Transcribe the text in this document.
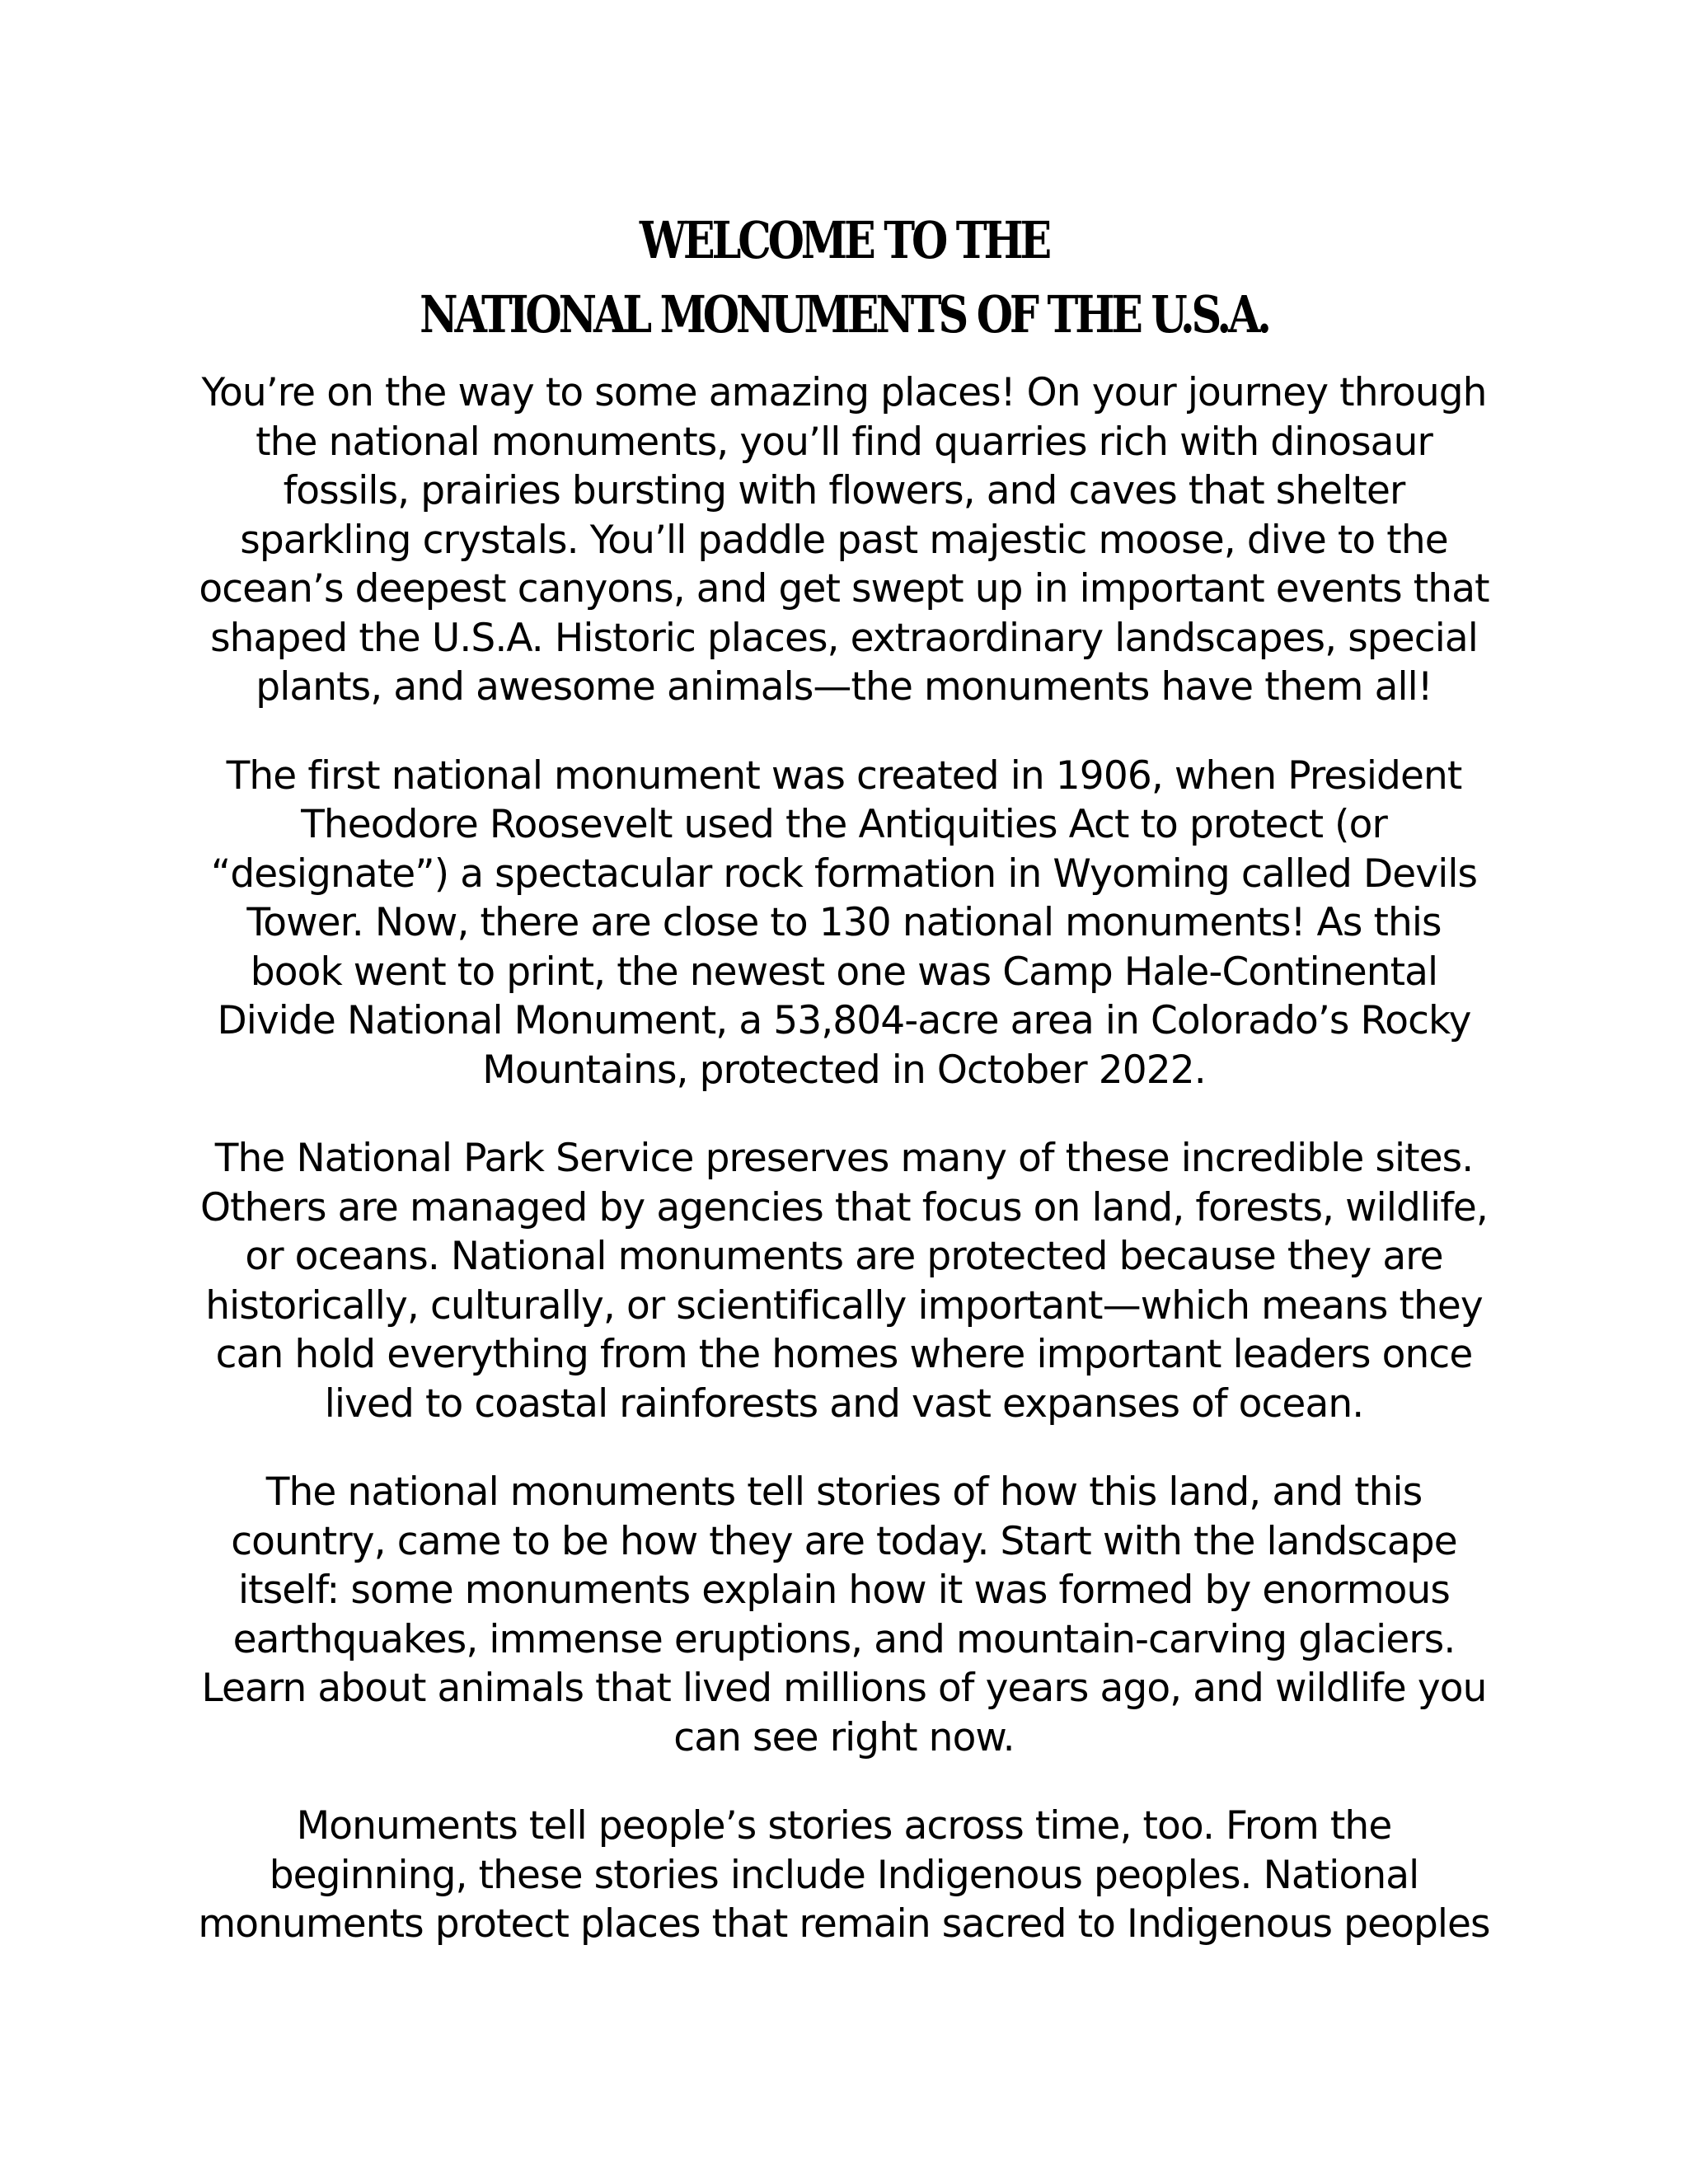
WELCOME TO THE
NATIONAL MONUMENTS OF THE U.S.A.

You’re on the way to some amazing places! On your journey through
the national monuments, you’ll find quarries rich with dinosaur
fossils, prairies bursting with flowers, and caves that shelter
sparkling crystals. You’ll paddle past majestic moose, dive to the
ocean’s deepest canyons, and get swept up in important events that
shaped the U.S.A. Historic places, extraordinary landscapes, special
plants, and awesome animals—the monuments have them all!

The first national monument was created in 1906, when President
Theodore Roosevelt used the Antiquities Act to protect (or
“designate”) a spectacular rock formation in Wyoming called Devils
Tower. Now, there are close to 130 national monuments! As this
book went to print, the newest one was Camp Hale-Continental
Divide National Monument, a 53,804-acre area in Colorado’s Rocky
Mountains, protected in October 2022.

The National Park Service preserves many of these incredible sites.
Others are managed by agencies that focus on land, forests, wildlife,
or oceans. National monuments are protected because they are
historically, culturally, or scientifically important—which means they
can hold everything from the homes where important leaders once
lived to coastal rainforests and vast expanses of ocean.

The national monuments tell stories of how this land, and this
country, came to be how they are today. Start with the landscape
itself: some monuments explain how it was formed by enormous
earthquakes, immense eruptions, and mountain-carving glaciers.
Learn about animals that lived millions of years ago, and wildlife you
can see right now.

Monuments tell people’s stories across time, too. From the
beginning, these stories include Indigenous peoples. National
monuments protect places that remain sacred to Indigenous peoples
